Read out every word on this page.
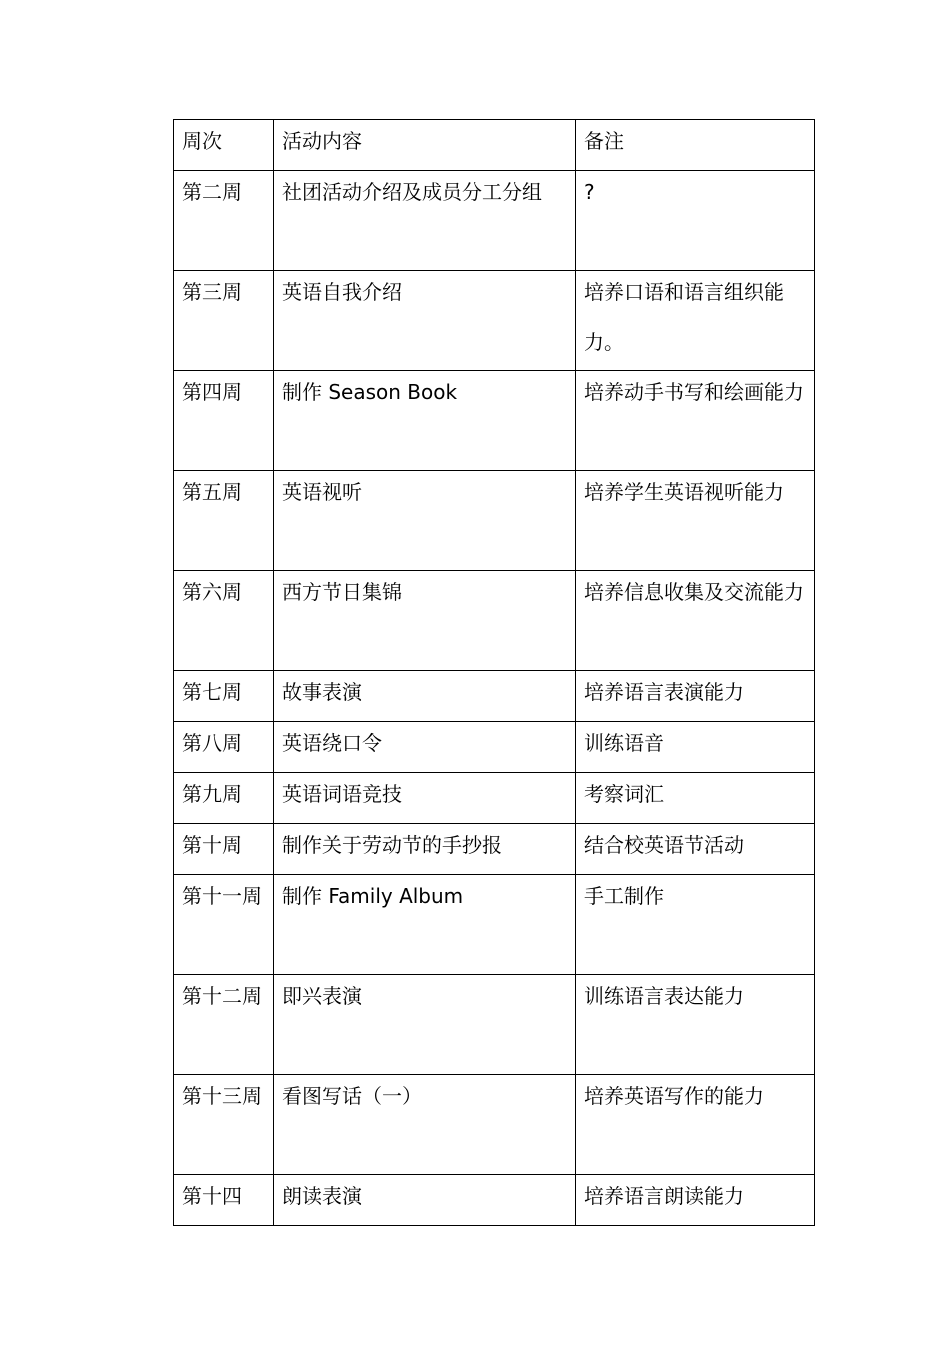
周次	活动内容	备注

第二周	社团活动介绍及成员分工分组	?

第三周	英语自我介绍	培养口语和语言组织能力。

第四周	制作 Season Book	培养动手书写和绘画能力

第五周	英语视听	培养学生英语视听能力

第六周	西方节日集锦	培养信息收集及交流能力

第七周	故事表演	培养语言表演能力

第八周	英语绕口令	训练语音

第九周	英语词语竞技	考察词汇

第十周	制作关于劳动节的手抄报	结合校英语节活动

第十一周	制作 Family Album	手工制作

第十二周	即兴表演	训练语言表达能力

第十三周	看图写话（一）	培养英语写作的能力

第十四	朗读表演	培养语言朗读能力
